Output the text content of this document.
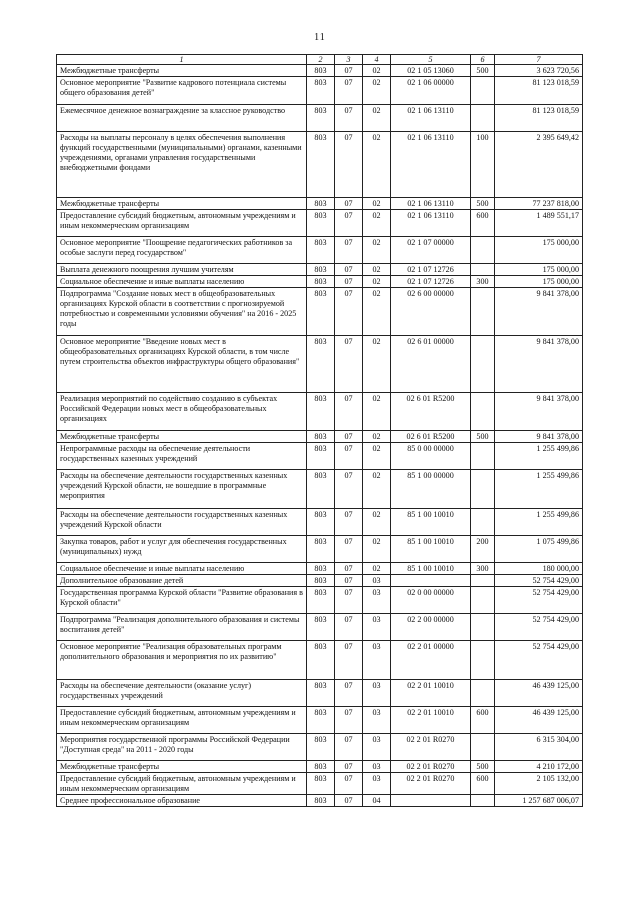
11
1	2	3	4	5	6	7
Межбюджетные трансферты	803	07	02	02 1 05 13060	500	3 623 720,56
Основное мероприятие "Развитие кадрового потенциала системы общего образования детей"	803	07	02	02 1 06 00000		81 123 018,59
Ежемесячное денежное вознаграждение за классное руководство	803	07	02	02 1 06 13110		81 123 018,59
Расходы на выплаты персоналу в целях обеспечения выполнения функций государственными (муниципальными) органами, казенными учреждениями, органами управления государственными внебюджетными фондами	803	07	02	02 1 06 13110	100	2 395 649,42
Межбюджетные трансферты	803	07	02	02 1 06 13110	500	77 237 818,00
Предоставление субсидий бюджетным, автономным учреждениям и иным некоммерческим организациям	803	07	02	02 1 06 13110	600	1 489 551,17
Основное мероприятие "Поощрение педагогических работников за особые заслуги перед государством"	803	07	02	02 1 07 00000		175 000,00
Выплата денежного поощрения лучшим учителям	803	07	02	02 1 07 12726		175 000,00
Социальное обеспечение и иные выплаты населению	803	07	02	02 1 07 12726	300	175 000,00
Подпрограмма "Создание новых мест в общеобразовательных организациях Курской области в соответствии с прогнозируемой потребностью и современными условиями обучения" на 2016 - 2025 годы	803	07	02	02 6 00 00000		9 841 378,00
Основное мероприятие "Введение новых мест в общеобразовательных организациях Курской области, в том числе путем строительства объектов инфраструктуры общего образования"	803	07	02	02 6 01 00000		9 841 378,00
Реализация мероприятий по содействию созданию в субъектах Российской Федерации новых мест в общеобразовательных организациях	803	07	02	02 6 01 R5200		9 841 378,00
Межбюджетные трансферты	803	07	02	02 6 01 R5200	500	9 841 378,00
Непрограммные расходы на обеспечение деятельности государственных казенных учреждений	803	07	02	85 0 00 00000		1 255 499,86
Расходы на обеспечение деятельности государственных казенных учреждений Курской области, не вошедшие в программные мероприятия	803	07	02	85 1 00 00000		1 255 499,86
Расходы на обеспечение деятельности государственных казенных учреждений Курской области	803	07	02	85 1 00 10010		1 255 499,86
Закупка товаров, работ и услуг для обеспечения государственных (муниципальных) нужд	803	07	02	85 1 00 10010	200	1 075 499,86
Социальное обеспечение и иные выплаты населению	803	07	02	85 1 00 10010	300	180 000,00
Дополнительное образование детей	803	07	03			52 754 429,00
Государственная программа Курской области "Развитие образования в Курской области"	803	07	03	02 0 00 00000		52 754 429,00
Подпрограмма "Реализация дополнительного образования и системы воспитания детей"	803	07	03	02 2 00 00000		52 754 429,00
Основное мероприятие "Реализация образовательных программ дополнительного образования и мероприятия по их развитию"	803	07	03	02 2 01 00000		52 754 429,00
Расходы на обеспечение деятельности (оказание услуг) государственных учреждений	803	07	03	02 2 01 10010		46 439 125,00
Предоставление субсидий бюджетным, автономным учреждениям и иным некоммерческим организациям	803	07	03	02 2 01 10010	600	46 439 125,00
Мероприятия государственной программы Российской Федерации "Доступная среда" на 2011 - 2020 годы	803	07	03	02 2 01 R0270		6 315 304,00
Межбюджетные трансферты	803	07	03	02 2 01 R0270	500	4 210 172,00
Предоставление субсидий бюджетным, автономным учреждениям и иным некоммерческим организациям	803	07	03	02 2 01 R0270	600	2 105 132,00
Среднее профессиональное образование	803	07	04			1 257 687 006,07
